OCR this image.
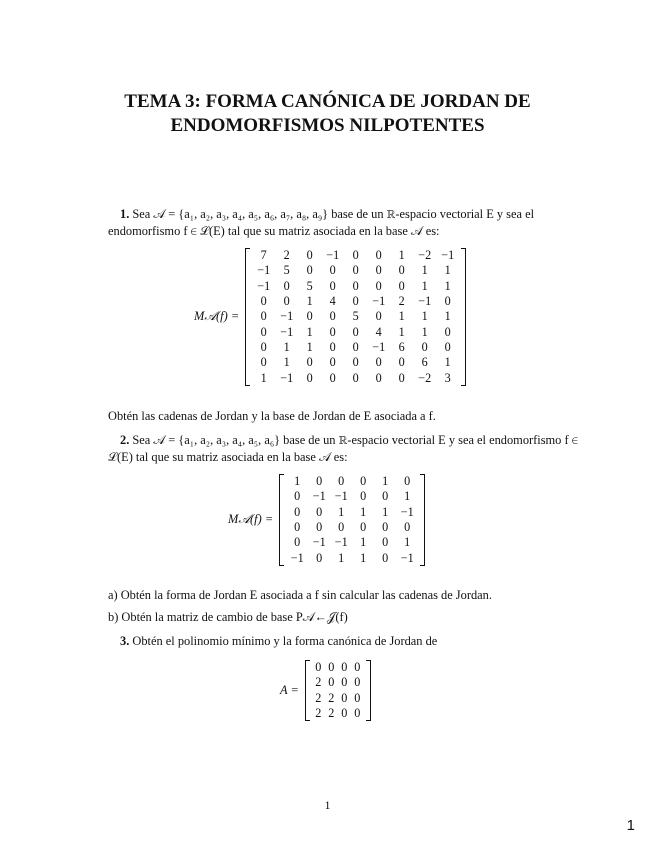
TEMA 3: FORMA CANÓNICA DE JORDAN DE
ENDOMORFISMOS NILPOTENTES
1. Sea 𝒜 = {a₁, a₂, a₃, a₄, a₅, a₆, a₇, a₈, a₉} base de un ℝ-espacio vectorial E y sea el endomorfismo f ∈ ℒ(E) tal que su matriz asociada en la base 𝒜 es:
M𝒜(f) =
7	2	0	−1	0	0	1	−2	−1
−1	5	0	0	0	0	0	1	1
−1	0	5	0	0	0	0	1	1
0	0	1	4	0	−1	2	−1	0
0	−1	0	0	5	0	1	1	1
0	−1	1	0	0	4	1	1	0
0	1	1	0	0	−1	6	0	0
0	1	0	0	0	0	0	6	1
1	−1	0	0	0	0	0	−2	3
Obtén las cadenas de Jordan y la base de Jordan de E asociada a f.
2. Sea 𝒜 = {a₁, a₂, a₃, a₄, a₅, a₆} base de un ℝ-espacio vectorial E y sea el endomorfismo f ∈ ℒ(E) tal que su matriz asociada en la base 𝒜 es:
M𝒜(f) =
1	0	0	0	1	0
0	−1	−1	0	0	1
0	0	1	1	1	−1
0	0	0	0	0	0
0	−1	−1	1	0	1
−1	0	1	1	0	−1
a) Obtén la forma de Jordan E asociada a f sin calcular las cadenas de Jordan.
b) Obtén la matriz de cambio de base P𝒜←𝒥(f)
3. Obtén el polinomio mínimo y la forma canónica de Jordan de
A =
0	0	0	0
2	0	0	0
2	2	0	0
2	2	0	0
1
1
